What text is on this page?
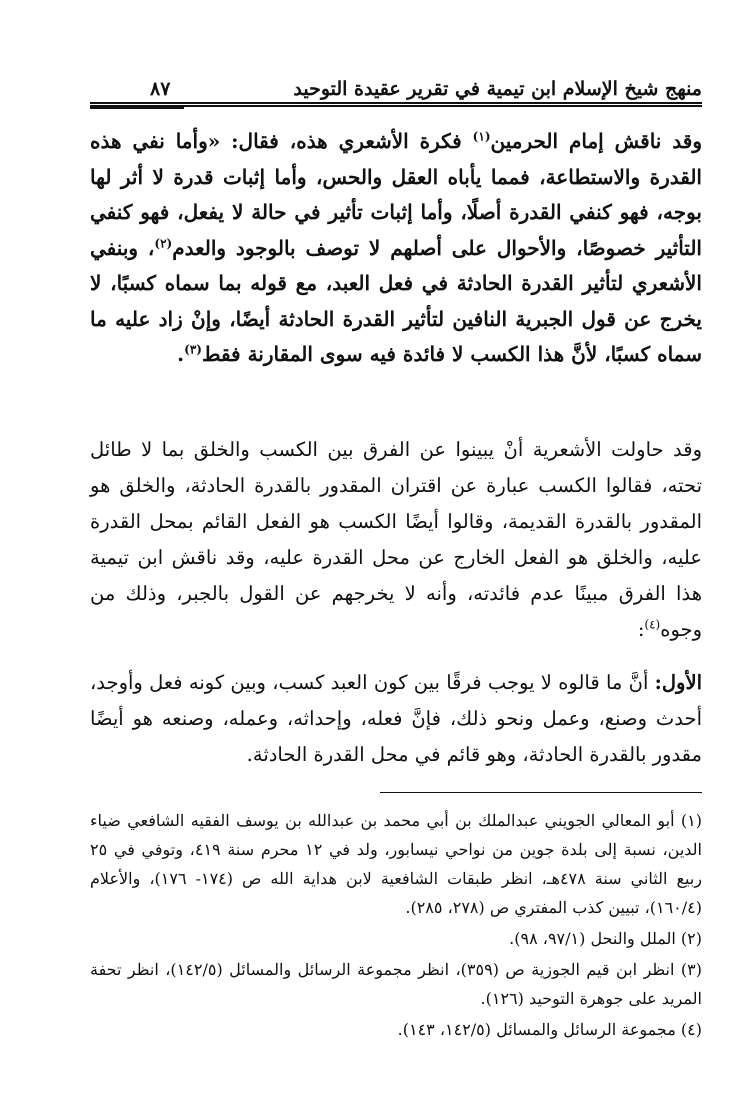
منهج شيخ الإسلام ابن تيمية في تقرير عقيدة التوحيد
٨٧
وقد ناقش إمام الحرمين$^{(١)}$ فكرة الأشعري هذه، فقال: «وأما نفي هذه القدرة والاستطاعة، فمما يأباه العقل والحس، وأما إثبات قدرة لا أثر لها بوجه، فهو كنفي القدرة أصلًا، وأما إثبات تأثير في حالة لا يفعل، فهو كنفي التأثير خصوصًا، والأحوال على أصلهم لا توصف بالوجود والعدم$^{(٢)}$، وبنفي الأشعري لتأثير القدرة الحادثة في فعل العبد، مع قوله بما سماه كسبًا، لا يخرج عن قول الجبرية النافين لتأثير القدرة الحادثة أيضًا، وإنْ زاد عليه ما سماه كسبًا، لأنَّ هذا الكسب لا فائدة فيه سوى المقارنة فقط$^{(٣)}$.
وقد حاولت الأشعرية أنْ يبينوا عن الفرق بين الكسب والخلق بما لا طائل تحته، فقالوا الكسب عبارة عن اقتران المقدور بالقدرة الحادثة، والخلق هو المقدور بالقدرة القديمة، وقالوا أيضًا الكسب هو الفعل القائم بمحل القدرة عليه، والخلق هو الفعل الخارج عن محل القدرة عليه، وقد ناقش ابن تيمية هذا الفرق مبينًا عدم فائدته، وأنه لا يخرجهم عن القول بالجبر، وذلك من وجوه$^{(٤)}$:
الأول: أنَّ ما قالوه لا يوجب فرقًا بين كون العبد كسب، وبين كونه فعل وأوجد، أحدث وصنع، وعمل ونحو ذلك، فإنَّ فعله، وإحداثه، وعمله، وصنعه هو أيضًا مقدور بالقدرة الحادثة، وهو قائم في محل القدرة الحادثة.

(١) أبو المعالي الجويني عبدالملك بن أبي محمد بن عبدالله بن يوسف الفقيه الشافعي ضياء الدين، نسبة إلى بلدة جوين من نواحي نيسابور، ولد في ١٢ محرم سنة ٤١٩، وتوفي في ٢٥ ربيع الثاني سنة ٤٧٨هـ، انظر طبقات الشافعية لابن هداية الله ص (١٧٤- ١٧٦)، والأعلام (١٦٠/٤)، تبيين كذب المفتري ص (٢٧٨، ٢٨٥).

(٢) الملل والنحل (٩٧/١، ٩٨).

(٣) انظر ابن قيم الجوزية ص (٣٥٩)، انظر مجموعة الرسائل والمسائل (١٤٢/٥)، انظر تحفة المريد على جوهرة التوحيد (١٢٦).

(٤) مجموعة الرسائل والمسائل (١٤٢/٥، ١٤٣).
